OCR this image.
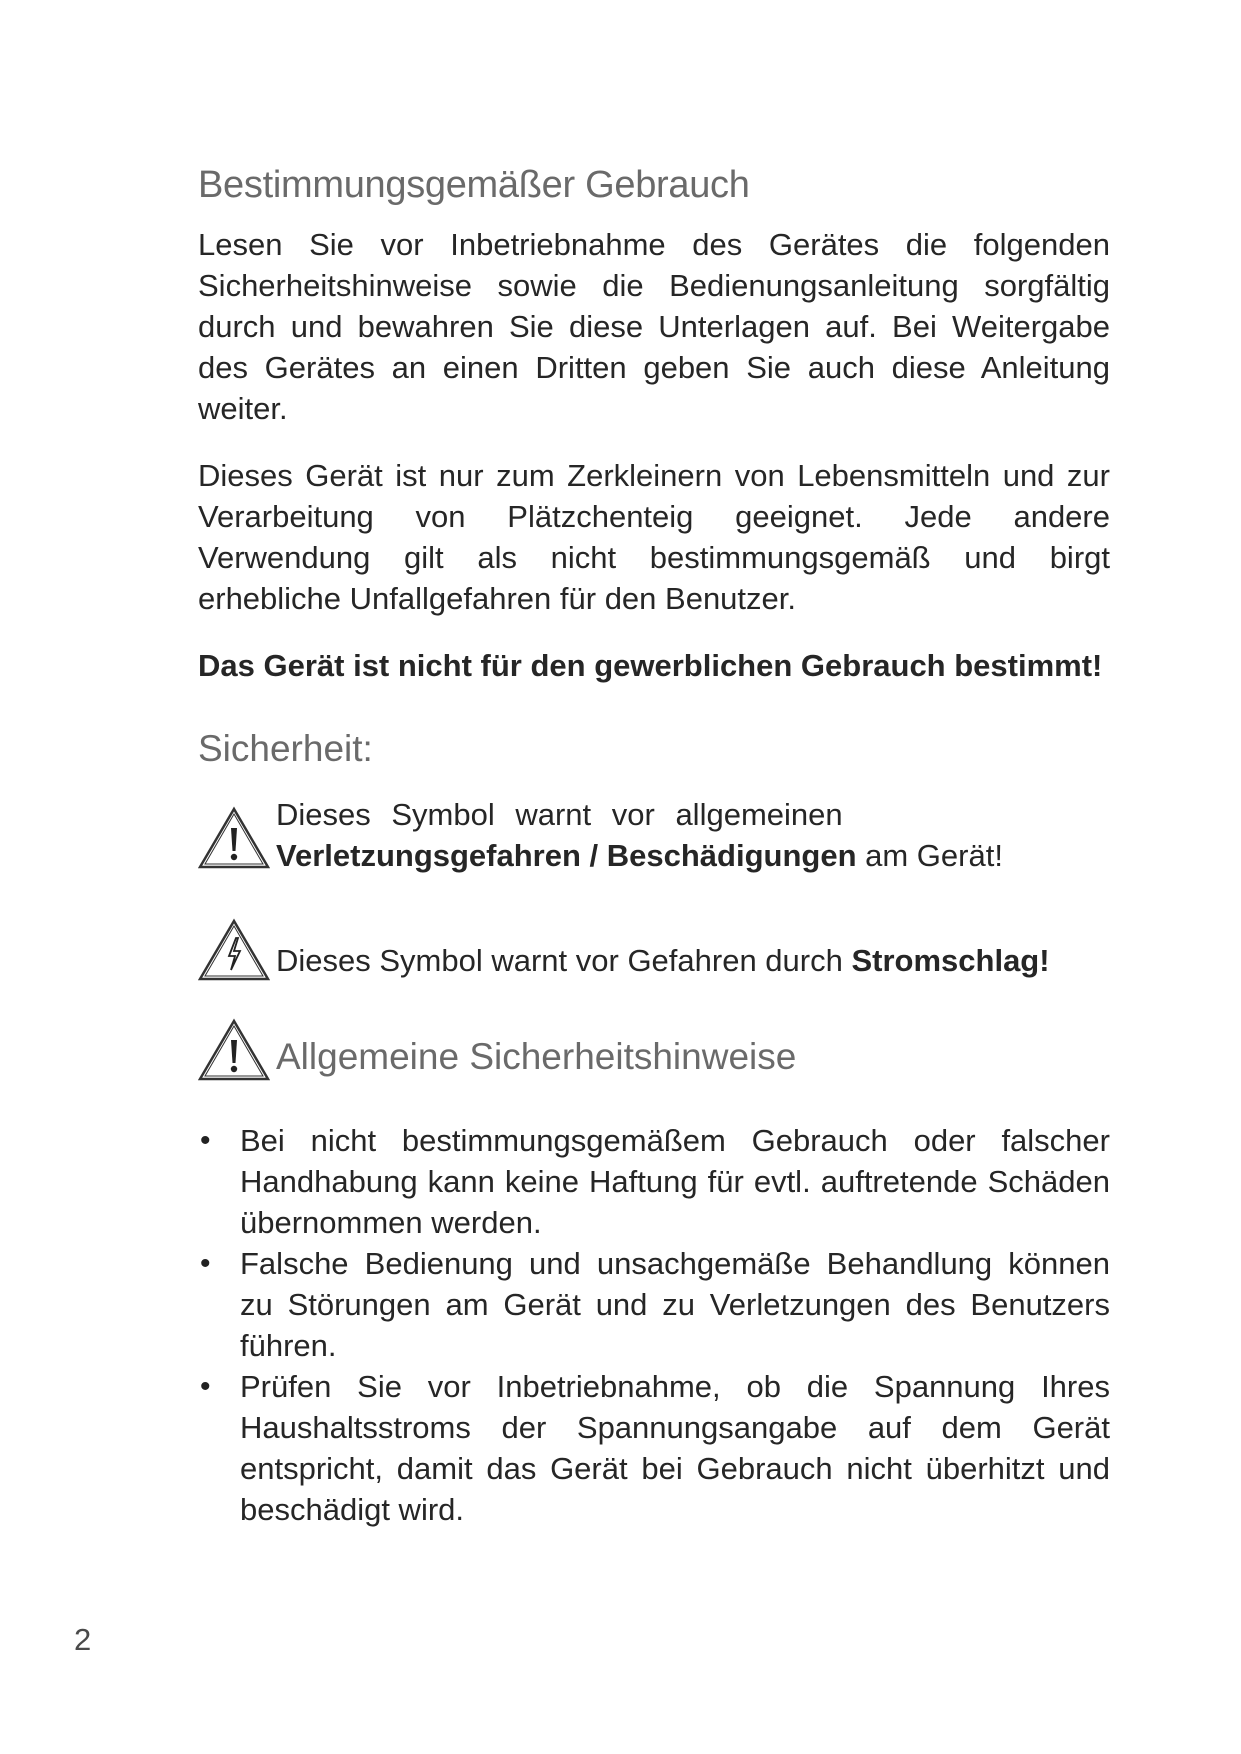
Bestimmungsgemäßer Gebrauch

Lesen Sie vor Inbetriebnahme des Gerätes die folgenden Sicherheitshinweise sowie die Bedienungsanleitung sorgfältig durch und bewahren Sie diese Unterlagen auf. Bei Weitergabe des Gerätes an einen Dritten geben Sie auch diese Anleitung weiter.

Dieses Gerät ist nur zum Zerkleinern von Lebensmitteln und zur Verarbeitung von Plätzchenteig geeignet. Jede andere Verwendung gilt als nicht bestimmungsgemäß und birgt erhebliche Unfallgefahren für den Benutzer.

Das Gerät ist nicht für den gewerblichen Gebrauch bestimmt!

Sicherheit:
Dieses Symbol warnt vor allgemeinen
Verletzungsgefahren / Beschädigungen am Gerät!
Dieses Symbol warnt vor Gefahren durch Stromschlag!
Allgemeine Sicherheitshinweise
• Bei nicht bestimmungsgemäßem Gebrauch oder falscher Handhabung kann keine Haftung für evtl. auftretende Schäden übernommen werden.
• Falsche Bedienung und unsachgemäße Behandlung können zu Störungen am Gerät und zu Verletzungen des Benutzers führen.
• Prüfen Sie vor Inbetriebnahme, ob die Spannung Ihres Haushaltsstroms der Spannungsangabe auf dem Gerät entspricht, damit das Gerät bei Gebrauch nicht überhitzt und beschädigt wird.
2
